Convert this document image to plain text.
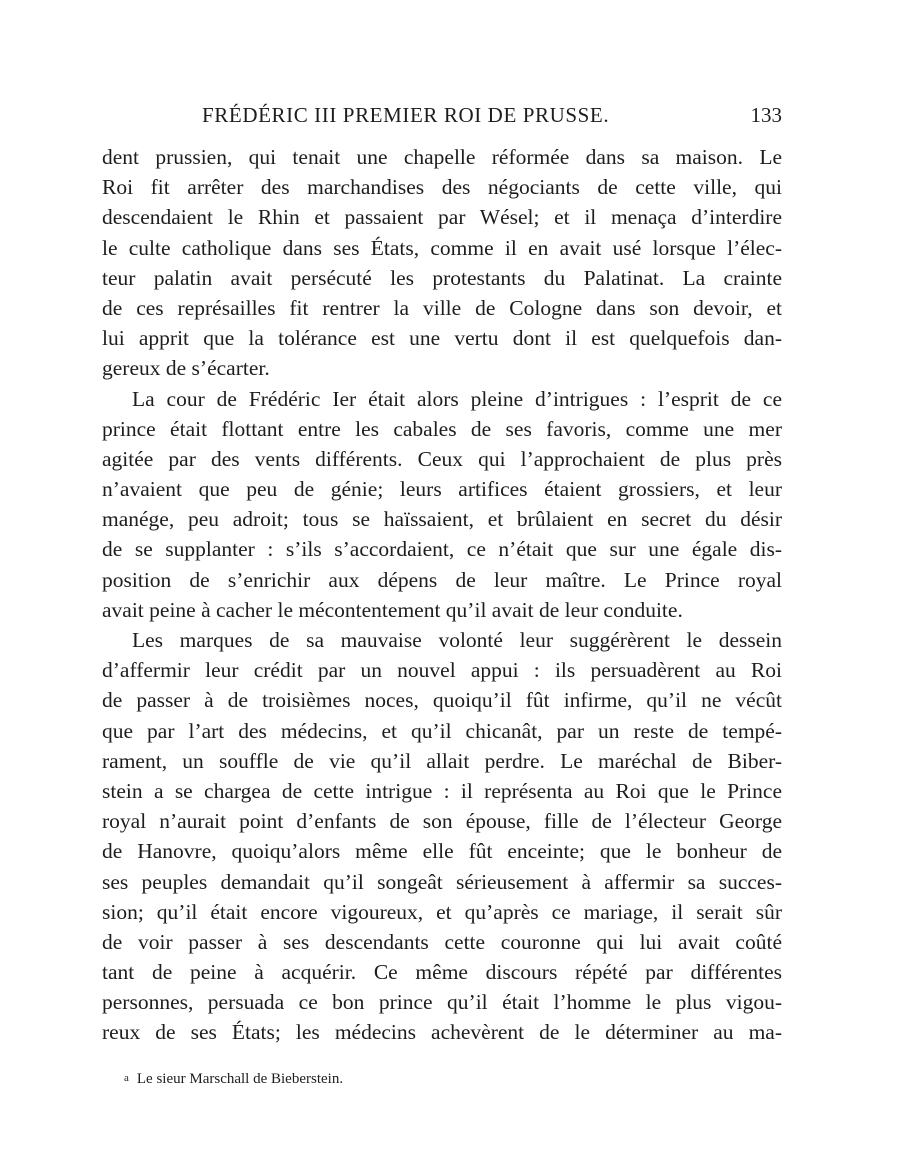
FRÉDÉRIC III PREMIER ROI DE PRUSSE.	133
dent prussien, qui tenait une chapelle réformée dans sa maison. Le
Roi fit arrêter des marchandises des négociants de cette ville, qui
descendaient le Rhin et passaient par Wésel; et il menaça d’interdire
le culte catholique dans ses États, comme il en avait usé lorsque l’élec-
teur palatin avait persécuté les protestants du Palatinat. La crainte
de ces représailles fit rentrer la ville de Cologne dans son devoir, et
lui apprit que la tolérance est une vertu dont il est quelquefois dan-
gereux de s’écarter.
La cour de Frédéric Ier était alors pleine d’intrigues : l’esprit de ce
prince était flottant entre les cabales de ses favoris, comme une mer
agitée par des vents différents. Ceux qui l’approchaient de plus près
n’avaient que peu de génie; leurs artifices étaient grossiers, et leur
manége, peu adroit; tous se haïssaient, et brûlaient en secret du désir
de se supplanter : s’ils s’accordaient, ce n’était que sur une égale dis-
position de s’enrichir aux dépens de leur maître. Le Prince royal
avait peine à cacher le mécontentement qu’il avait de leur conduite.
Les marques de sa mauvaise volonté leur suggérèrent le dessein
d’affermir leur crédit par un nouvel appui : ils persuadèrent au Roi
de passer à de troisièmes noces, quoiqu’il fût infirme, qu’il ne vécût
que par l’art des médecins, et qu’il chicanât, par un reste de tempé-
rament, un souffle de vie qu’il allait perdre. Le maréchal de Biber-
stein a se chargea de cette intrigue : il représenta au Roi que le Prince
royal n’aurait point d’enfants de son épouse, fille de l’électeur George
de Hanovre, quoiqu’alors même elle fût enceinte; que le bonheur de
ses peuples demandait qu’il songeât sérieusement à affermir sa succes-
sion; qu’il était encore vigoureux, et qu’après ce mariage, il serait sûr
de voir passer à ses descendants cette couronne qui lui avait coûté
tant de peine à acquérir. Ce même discours répété par différentes
personnes, persuada ce bon prince qu’il était l’homme le plus vigou-
reux de ses États; les médecins achevèrent de le déterminer au ma-
a Le sieur Marschall de Bieberstein.
